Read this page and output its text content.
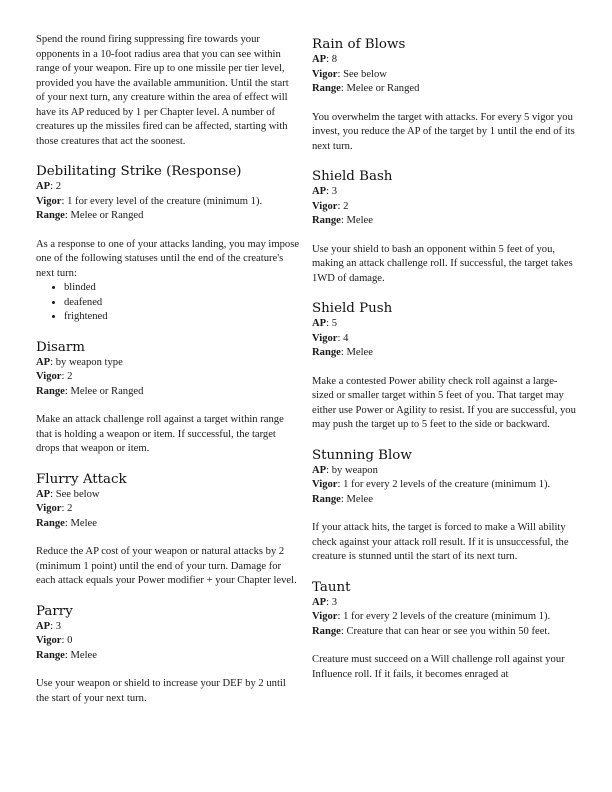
Spend the round firing suppressing fire towards your opponents in a 10-foot radius area that you can see within range of your weapon. Fire up to one missile per tier level, provided you have the available ammunition. Until the start of your next turn, any creature within the area of effect will have its AP reduced by 1 per Chapter level. A number of creatures up the missiles fired can be affected, starting with those creatures that act the soonest.

Debilitating Strike (Response)

AP: 2

Vigor: 1 for every level of the creature (minimum 1).

Range: Melee or Ranged

As a response to one of your attacks landing, you may impose one of the following statuses until the end of the creature's next turn:

• blinded
• deafened
• frightened
Disarm

AP: by weapon type

Vigor: 2

Range: Melee or Ranged

Make an attack challenge roll against a target within range that is holding a weapon or item. If successful, the target drops that weapon or item.

Flurry Attack

AP: See below

Vigor: 2

Range: Melee

Reduce the AP cost of your weapon or natural attacks by 2 (minimum 1 point) until the end of your turn. Damage for each attack equals your Power modifier + your Chapter level.

Parry

AP: 3

Vigor: 0

Range: Melee

Use your weapon or shield to increase your DEF by 2 until the start of your next turn.

Rain of Blows

AP: 8

Vigor: See below

Range: Melee or Ranged

You overwhelm the target with attacks. For every 5 vigor you invest, you reduce the AP of the target by 1 until the end of its next turn.

Shield Bash

AP: 3

Vigor: 2

Range: Melee

Use your shield to bash an opponent within 5 feet of you, making an attack challenge roll. If successful, the target takes 1WD of damage.

Shield Push

AP: 5

Vigor: 4

Range: Melee

Make a contested Power ability check roll against a large-sized or smaller target within 5 feet of you. That target may either use Power or Agility to resist. If you are successful, you may push the target up to 5 feet to the side or backward.

Stunning Blow

AP: by weapon

Vigor: 1 for every 2 levels of the creature (minimum 1).

Range: Melee

If your attack hits, the target is forced to make a Will ability check against your attack roll result. If it is unsuccessful, the creature is stunned until the start of its next turn.

Taunt

AP: 3

Vigor: 1 for every 2 levels of the creature (minimum 1).

Range: Creature that can hear or see you within 50 feet.

Creature must succeed on a Will challenge roll against your Influence roll. If it fails, it becomes enraged at
